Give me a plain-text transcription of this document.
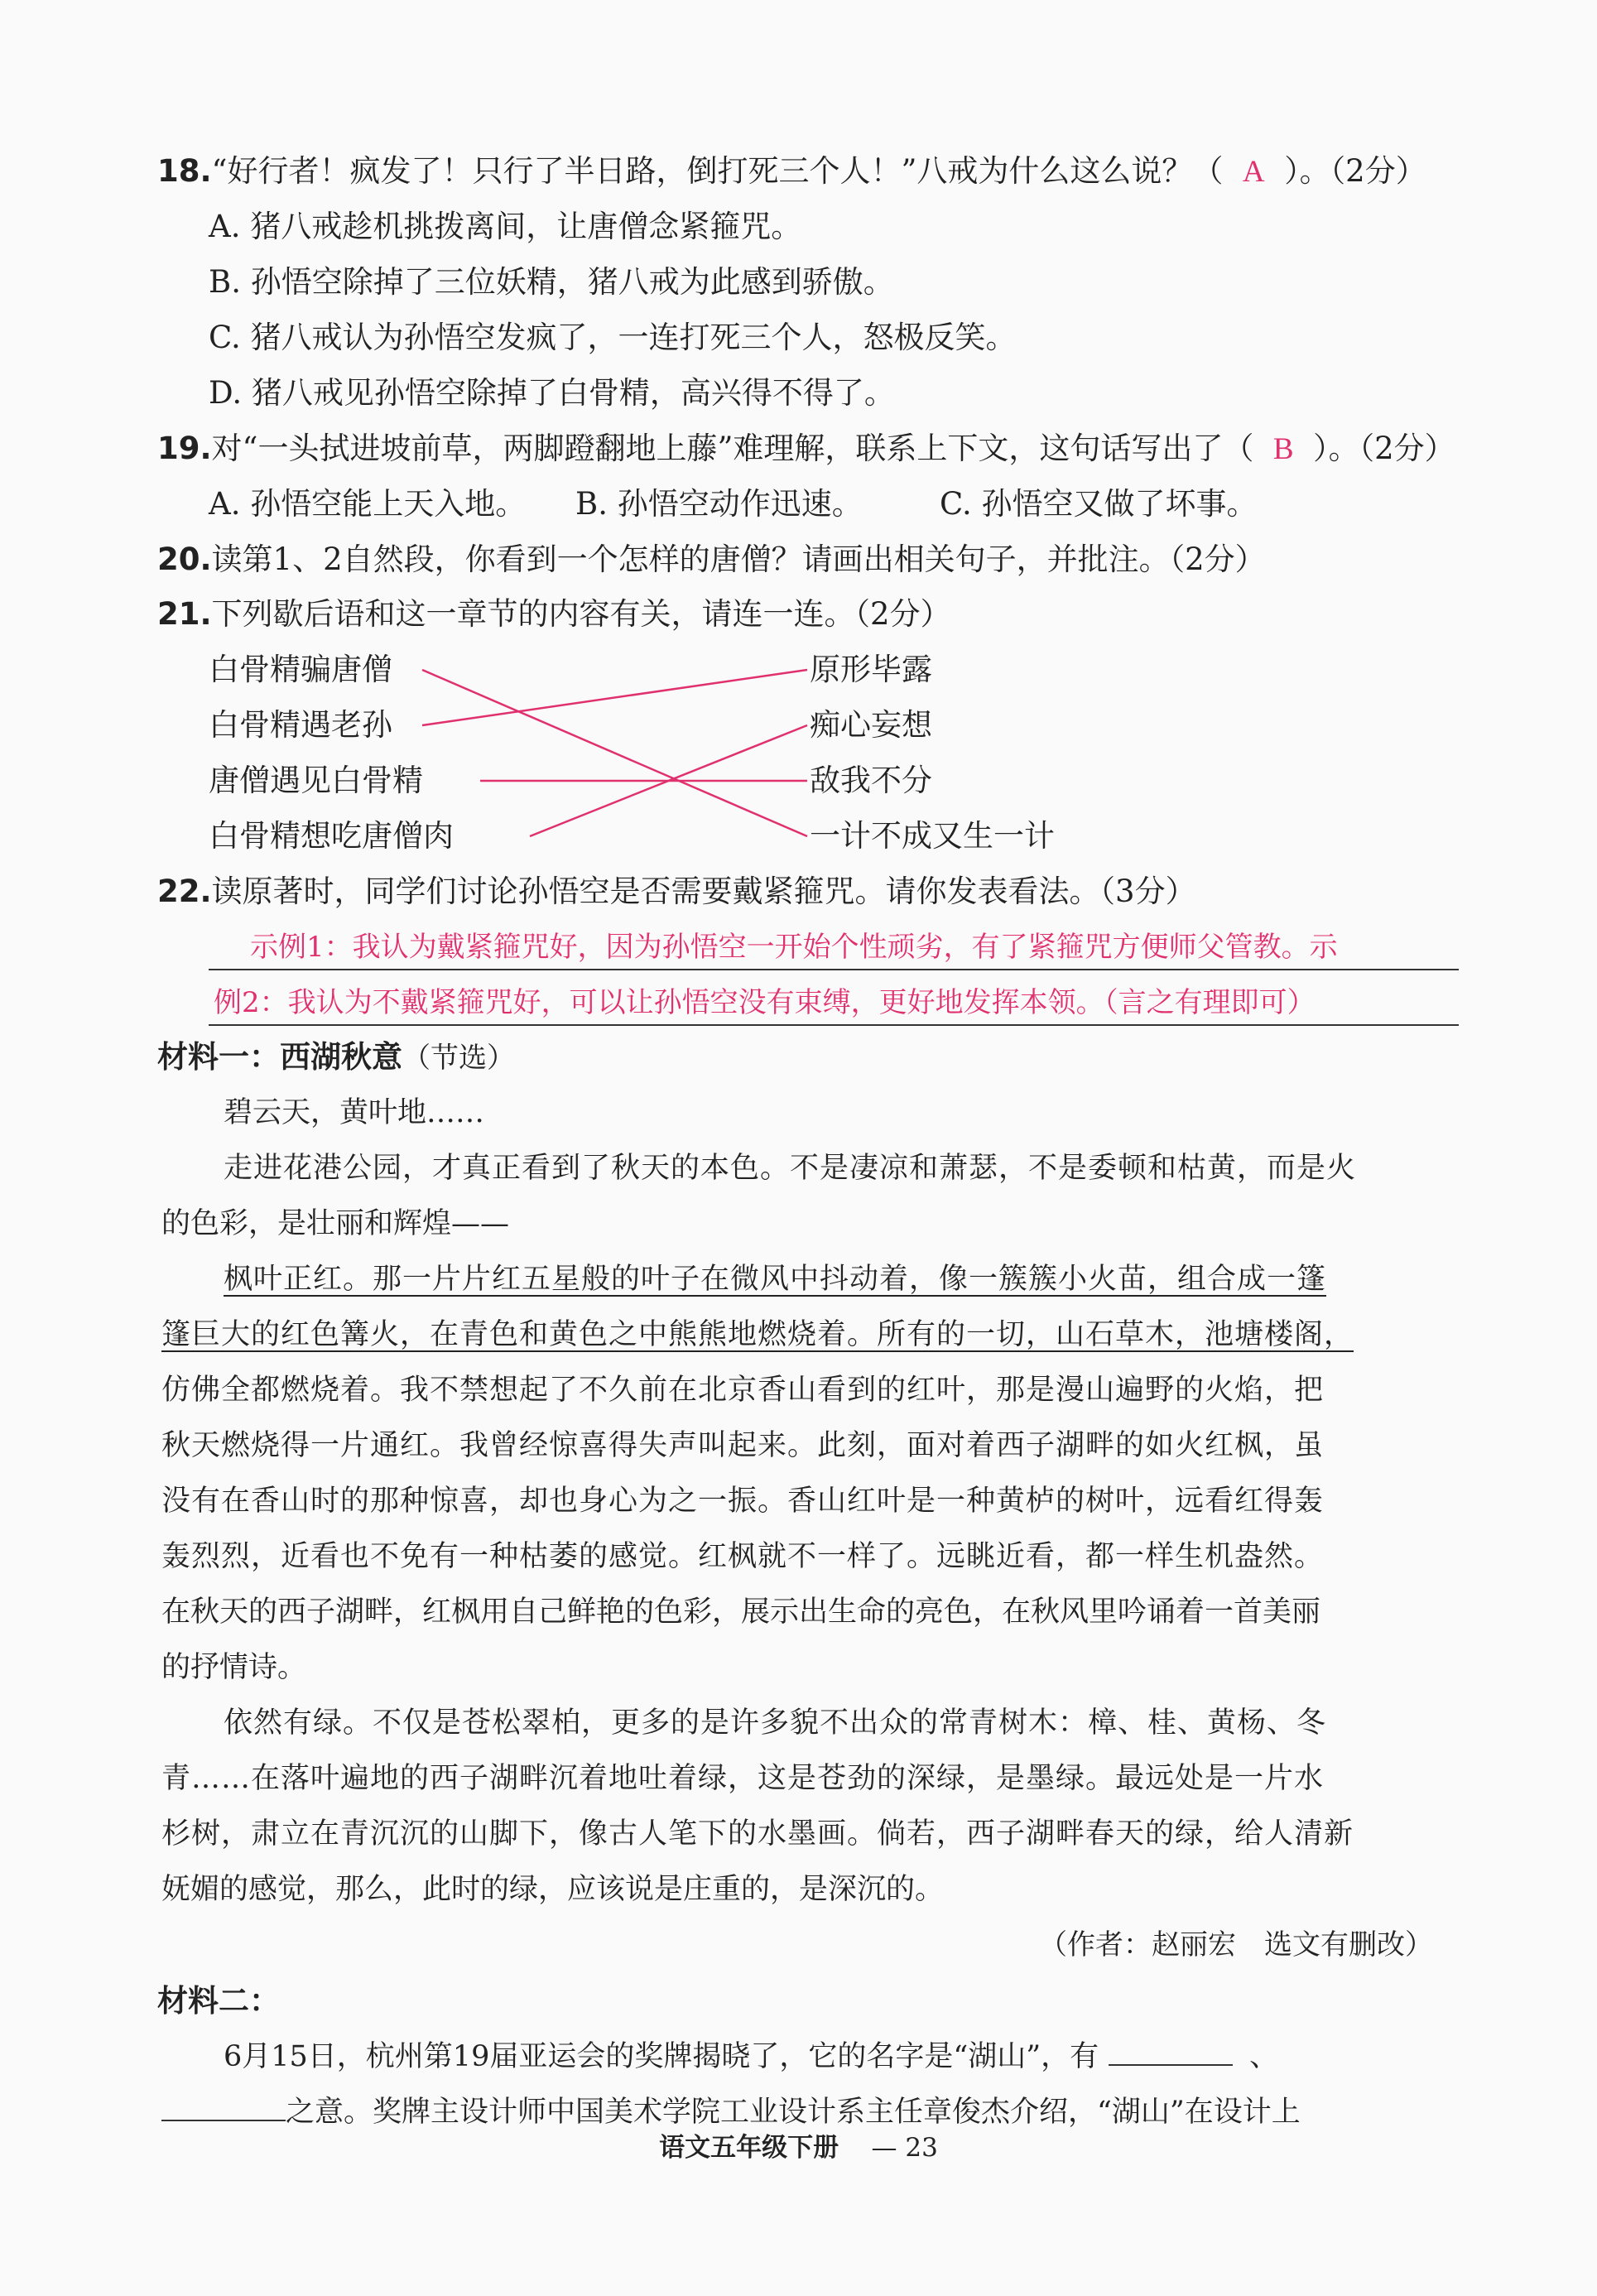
18.“好行者！疯发了！只行了半日路，倒打死三个人！”八戒为什么这么说？（ A ）。（2分）
A. 猪八戒趁机挑拨离间，让唐僧念紧箍咒。
B. 孙悟空除掉了三位妖精，猪八戒为此感到骄傲。
C. 猪八戒认为孙悟空发疯了，一连打死三个人，怒极反笑。
D. 猪八戒见孙悟空除掉了白骨精，高兴得不得了。
19.对“一头拭进坡前草，两脚蹬翻地上藤”难理解，联系上下文，这句话写出了（ B ）。（2分）
A. 孙悟空能上天入地。 B. 孙悟空动作迅速。	C. 孙悟空又做了坏事。
20.读第1、2自然段，你看到一个怎样的唐僧？请画出相关句子，并批注。（2分）
21.下列歇后语和这一章节的内容有关，请连一连。（2分）
白骨精骗唐僧
白骨精遇老孙
唐僧遇见白骨精
白骨精想吃唐僧肉
原形毕露
痴心妄想
敌我不分
一计不成又生一计
22.读原著时，同学们讨论孙悟空是否需要戴紧箍咒。请你发表看法。（3分）
示例1：我认为戴紧箍咒好，因为孙悟空一开始个性顽劣，有了紧箍咒方便师父管教。示
例2：我认为不戴紧箍咒好，可以让孙悟空没有束缚，更好地发挥本领。（言之有理即可）
材料一：西湖秋意（节选）
碧云天，黄叶地……
走进花港公园，才真正看到了秋天的本色。不是凄凉和萧瑟，不是委顿和枯黄，而是火
的色彩，是壮丽和辉煌——
枫叶正红。那一片片红五星般的叶子在微风中抖动着，像一簇簇小火苗，组合成一篷
篷巨大的红色篝火，在青色和黄色之中熊熊地燃烧着。所有的一切，山石草木，池塘楼阁，
仿佛全都燃烧着。我不禁想起了不久前在北京香山看到的红叶，那是漫山遍野的火焰，把
秋天燃烧得一片通红。我曾经惊喜得失声叫起来。此刻，面对着西子湖畔的如火红枫，虽
没有在香山时的那种惊喜，却也身心为之一振。香山红叶是一种黄栌的树叶，远看红得轰
轰烈烈，近看也不免有一种枯萎的感觉。红枫就不一样了。远眺近看，都一样生机盎然。
在秋天的西子湖畔，红枫用自己鲜艳的色彩，展示出生命的亮色，在秋风里吟诵着一首美丽
的抒情诗。
依然有绿。不仅是苍松翠柏，更多的是许多貌不出众的常青树木：樟、桂、黄杨、冬
青……在落叶遍地的西子湖畔沉着地吐着绿，这是苍劲的深绿，是墨绿。最远处是一片水
杉树，肃立在青沉沉的山脚下，像古人笔下的水墨画。倘若，西子湖畔春天的绿，给人清新
妩媚的感觉，那么，此时的绿，应该说是庄重的，是深沉的。
（作者：赵丽宏　选文有删改）
材料二：
6月15日，杭州第19届亚运会的奖牌揭晓了，它的名字是“湖山”，有	、
之意。奖牌主设计师中国美术学院工业设计系主任章俊杰介绍，“湖山”在设计上
语文五年级下册 — 23
